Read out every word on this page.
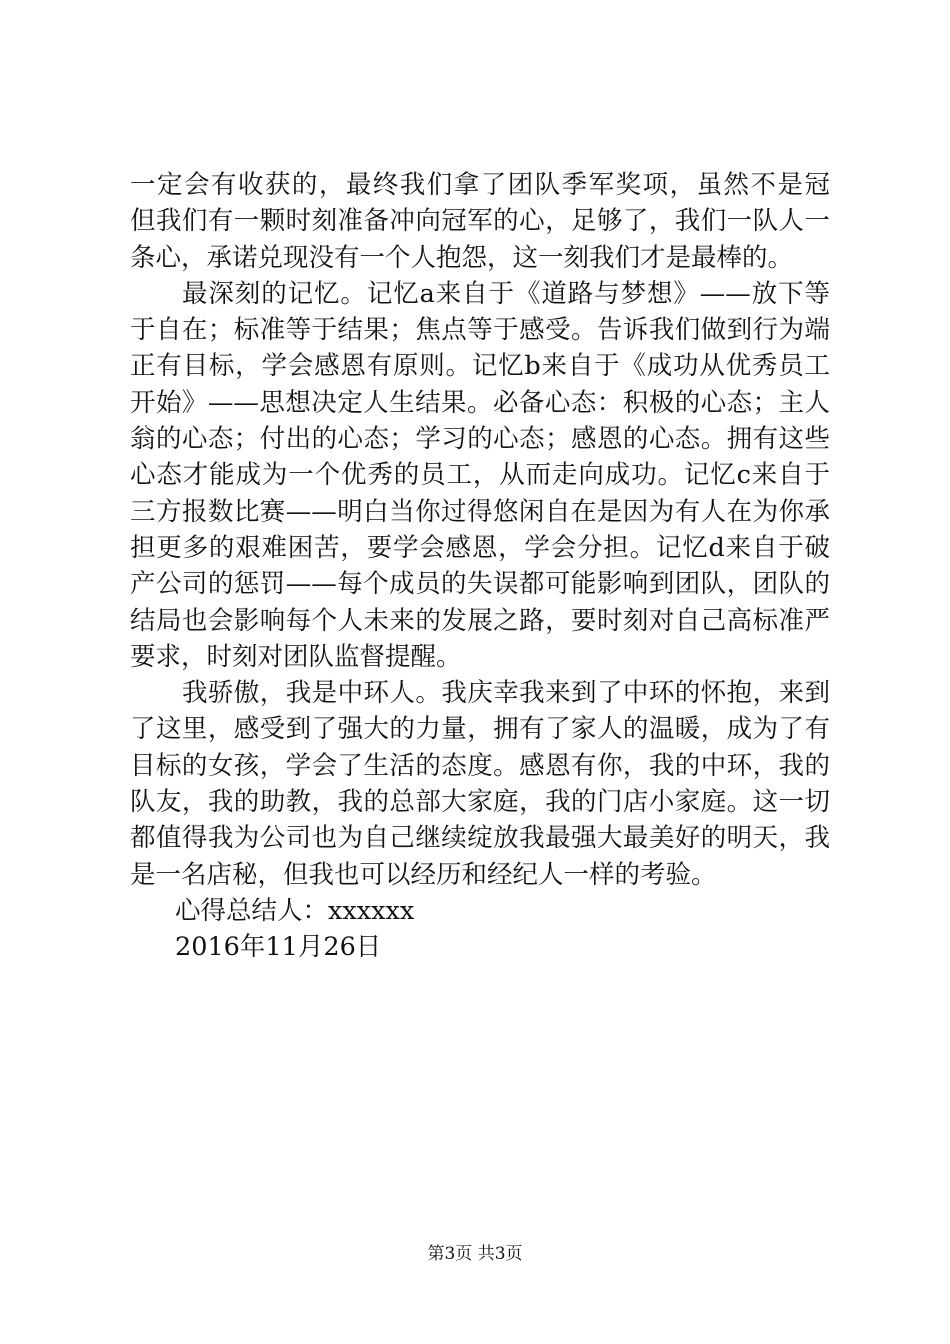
一定会有收获的，最终我们拿了团队季军奖项，虽然不是冠
但我们有一颗时刻准备冲向冠军的心，足够了，我们一队人一
条心，承诺兑现没有一个人抱怨，这一刻我们才是最棒的。
最深刻的记忆。记忆a来自于《道路与梦想》——放下等
于自在；标准等于结果；焦点等于感受。告诉我们做到行为端
正有目标，学会感恩有原则。记忆b来自于《成功从优秀员工
开始》——思想决定人生结果。必备心态：积极的心态；主人
翁的心态；付出的心态；学习的心态；感恩的心态。拥有这些
心态才能成为一个优秀的员工，从而走向成功。记忆c来自于
三方报数比赛——明白当你过得悠闲自在是因为有人在为你承
担更多的艰难困苦，要学会感恩，学会分担。记忆d来自于破
产公司的惩罚——每个成员的失误都可能影响到团队，团队的
结局也会影响每个人未来的发展之路，要时刻对自己高标准严
要求，时刻对团队监督提醒。
我骄傲，我是中环人。我庆幸我来到了中环的怀抱，来到
了这里，感受到了强大的力量，拥有了家人的温暖，成为了有
目标的女孩，学会了生活的态度。感恩有你，我的中环，我的
队友，我的助教，我的总部大家庭，我的门店小家庭。这一切
都值得我为公司也为自己继续绽放我最强大最美好的明天，我
是一名店秘，但我也可以经历和经纪人一样的考验。
心得总结人：xxxxxx
2016年11月26日
第3页 共3页
